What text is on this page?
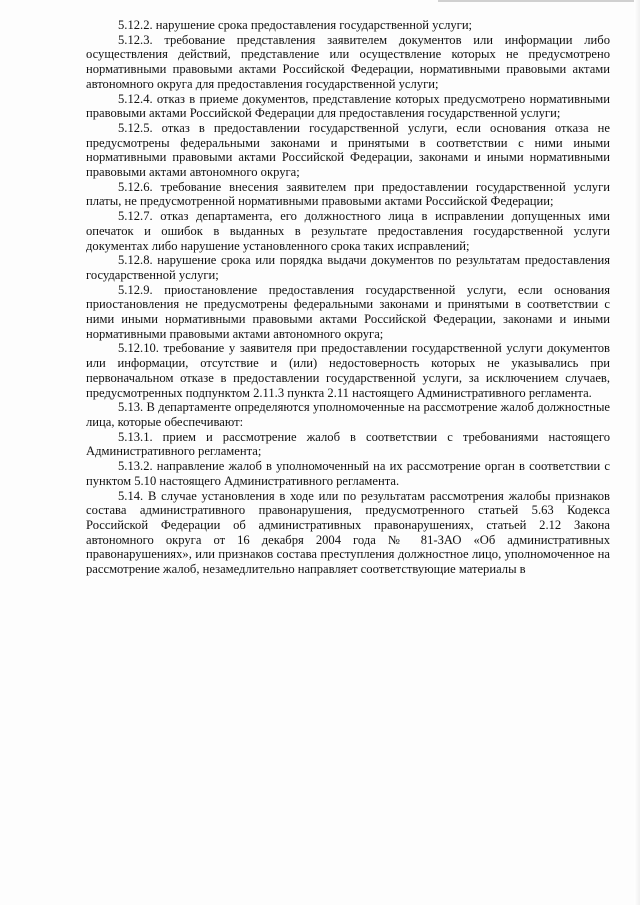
5.12.2. нарушение срока предоставления государственной услуги;

5.12.3. требование представления заявителем документов или информации либо осуществления действий, представление или осуществление которых не предусмотрено нормативными правовыми актами Российской Федерации, нормативными правовыми актами автономного округа для предоставления государственной услуги;

5.12.4. отказ в приеме документов, представление которых предусмотрено нормативными правовыми актами Российской Федерации для предоставления государственной услуги;

5.12.5. отказ в предоставлении государственной услуги, если основания отказа не предусмотрены федеральными законами и принятыми в соответствии с ними иными нормативными правовыми актами Российской Федерации, законами и иными нормативными правовыми актами автономного округа;

5.12.6. требование внесения заявителем при предоставлении государственной услуги платы, не предусмотренной нормативными правовыми актами Российской Федерации;

5.12.7. отказ департамента, его должностного лица в исправлении допущенных ими опечаток и ошибок в выданных в результате предоставления государственной услуги документах либо нарушение установленного срока таких исправлений;

5.12.8. нарушение срока или порядка выдачи документов по результатам предоставления государственной услуги;

5.12.9. приостановление предоставления государственной услуги, если основания приостановления не предусмотрены федеральными законами и принятыми в соответствии с ними иными нормативными правовыми актами Российской Федерации, законами и иными нормативными правовыми актами автономного округа;

5.12.10. требование у заявителя при предоставлении государственной услуги документов или информации, отсутствие и (или) недостоверность которых не указывались при первоначальном отказе в предоставлении государственной услуги, за исключением случаев, предусмотренных подпунктом 2.11.3 пункта 2.11 настоящего Административного регламента.

5.13. В департаменте определяются уполномоченные на рассмотрение жалоб должностные лица, которые обеспечивают:

5.13.1. прием и рассмотрение жалоб в соответствии с требованиями настоящего Административного регламента;

5.13.2. направление жалоб в уполномоченный на их рассмотрение орган в соответствии с пунктом 5.10 настоящего Административного регламента.

5.14. В случае установления в ходе или по результатам рассмотрения жалобы признаков состава административного правонарушения, предусмотренного статьей 5.63 Кодекса Российской Федерации об административных правонарушениях, статьей 2.12 Закона автономного округа от 16 декабря 2004 года № 81-ЗАО «Об административных правонарушениях», или признаков состава преступления должностное лицо, уполномоченное на рассмотрение жалоб, незамедлительно направляет соответствующие материалы в
